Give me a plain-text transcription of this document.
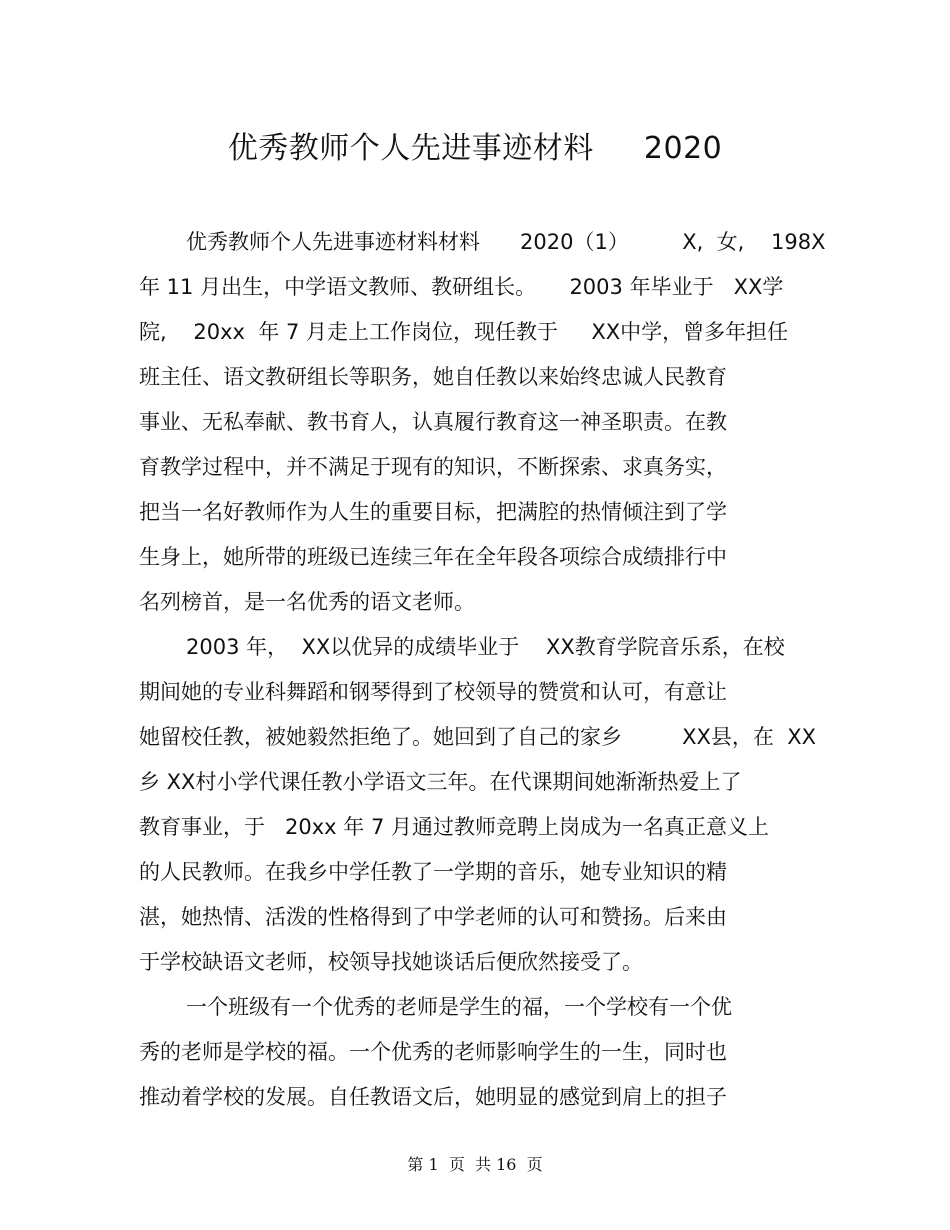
优秀教师个人先进事迹材料     2020
优秀教师个人先进事迹材料材料      2020（1）        X,  女,    198X
年 11 月出生，中学语文教师、教研组长。     2003 年毕业于   XX学
院,    20xx  年 7 月走上工作岗位，现任教于     XX中学，曾多年担任
班主任、语文教研组长等职务，她自任教以来始终忠诚人民教育
事业、无私奉献、教书育人，认真履行教育这一神圣职责。在教
育教学过程中，并不满足于现有的知识，不断探索、求真务实，
把当一名好教师作为人生的重要目标，把满腔的热情倾注到了学
生身上，她所带的班级已连续三年在全年段各项综合成绩排行中
名列榜首，是一名优秀的语文老师。
2003 年，  XX以优异的成绩毕业于    XX教育学院音乐系，在校
期间她的专业科舞蹈和钢琴得到了校领导的赞赏和认可，有意让
她留校任教，被她毅然拒绝了。她回到了自己的家乡         XX县，在  XX
乡 XX村小学代课任教小学语文三年。在代课期间她渐渐热爱上了
教育事业，于   20xx 年 7 月通过教师竞聘上岗成为一名真正意义上
的人民教师。在我乡中学任教了一学期的音乐，她专业知识的精
湛，她热情、活泼的性格得到了中学老师的认可和赞扬。后来由
于学校缺语文老师，校领导找她谈话后便欣然接受了。
一个班级有一个优秀的老师是学生的福，一个学校有一个优
秀的老师是学校的福。一个优秀的老师影响学生的一生，同时也
推动着学校的发展。自任教语文后，她明显的感觉到肩上的担子
第 1  页  共 16  页
